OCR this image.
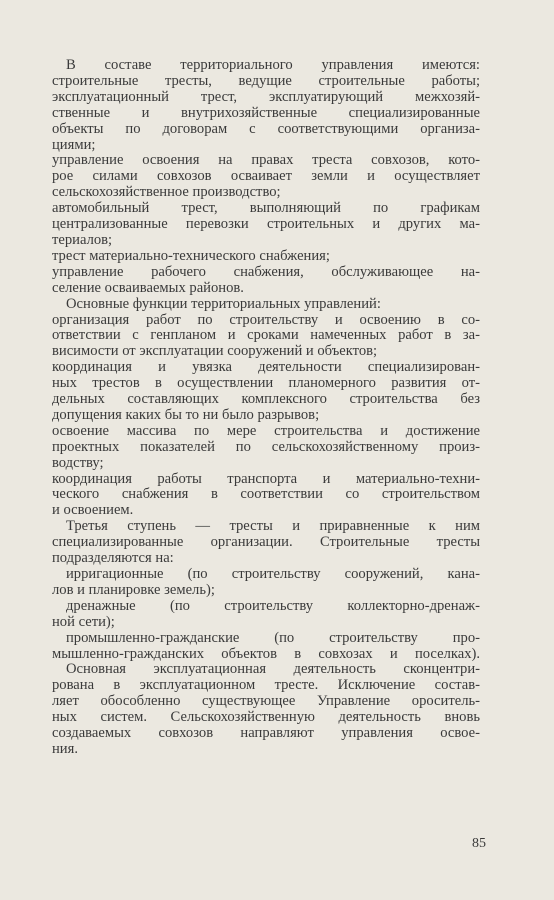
В составе территориального управления имеются:
строительные тресты, ведущие строительные работы;
эксплуатационный трест, эксплуатирующий межхозяй-
ственные и внутрихозяйственные специализированные
объекты по договорам с соответствующими организа-
циями;
управление освоения на правах треста совхозов, кото-
рое силами совхозов осваивает земли и осуществляет
сельскохозяйственное производство;
автомобильный трест, выполняющий по графикам
централизованные перевозки строительных и других ма-
териалов;
трест материально-технического снабжения;
управление рабочего снабжения, обслуживающее на-
селение осваиваемых районов.
Основные функции территориальных управлений:
организация работ по строительству и освоению в со-
ответствии с генпланом и сроками намеченных работ в за-
висимости от эксплуатации сооружений и объектов;
координация и увязка деятельности специализирован-
ных трестов в осуществлении планомерного развития от-
дельных составляющих комплексного строительства без
допущения каких бы то ни было разрывов;
освоение массива по мере строительства и достижение
проектных показателей по сельскохозяйственному произ-
водству;
координация работы транспорта и материально-техни-
ческого снабжения в соответствии со строительством
и освоением.
Третья ступень — тресты и приравненные к ним
специализированные организации. Строительные тресты
подразделяются на:
ирригационные (по строительству сооружений, кана-
лов и планировке земель);
дренажные (по строительству коллекторно-дренаж-
ной сети);
промышленно-гражданские (по строительству про-
мышленно-гражданских объектов в совхозах и поселках).
Основная эксплуатационная деятельность сконцентри-
рована в эксплуатационном тресте. Исключение состав-
ляет обособленно существующее Управление ороситель-
ных систем. Сельскохозяйственную деятельность вновь
создаваемых совхозов направляют управления освое-
ния.
85
